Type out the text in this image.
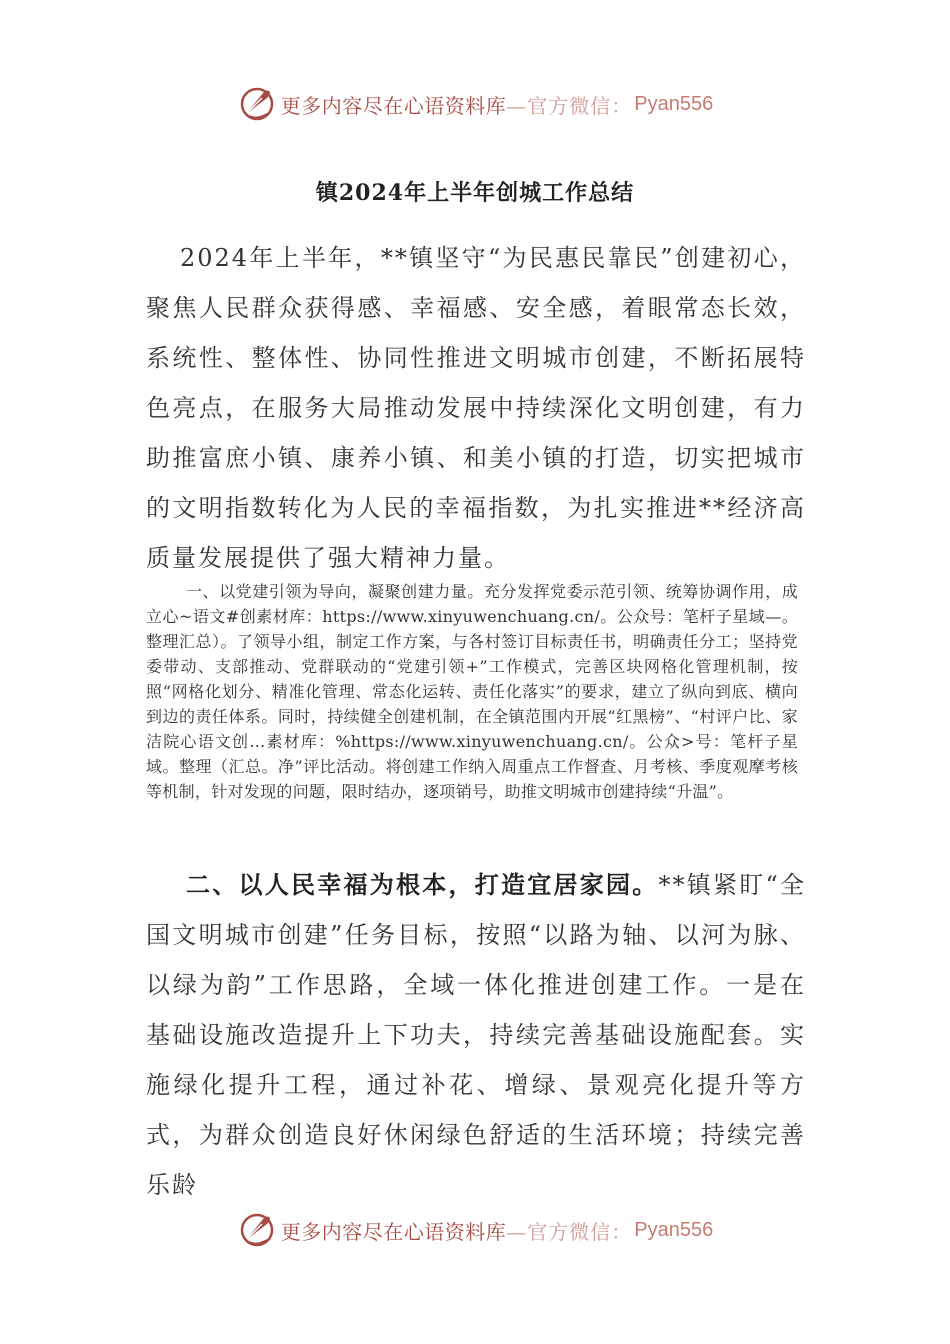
更多内容尽在心语资料库 —官方微信： Pyan556
镇2024年上半年创城工作总结
2024年上半年，**镇坚守“为民惠民靠民”创建初心，聚焦人民群众获得感、幸福感、安全感，着眼常态长效，系统性、整体性、协同性推进文明城市创建，不断拓展特色亮点，在服务大局推动发展中持续深化文明创建，有力助推富庶小镇、康养小镇、和美小镇的打造，切实把城市的文明指数转化为人民的幸福指数，为扎实推进**经济高质量发展提供了强大精神力量。
一、以党建引领为导向，凝聚创建力量。充分发挥党委示范引领、统筹协调作用，成立心~语文#创素材库：https://www.xinyuwenchuang.cn/。公众号：笔杆子星域—。整理汇总）。了领导小组，制定工作方案，与各村签订目标责任书，明确责任分工；坚持党委带动、支部推动、党群联动的“党建引领+”工作模式，完善区块网格化管理机制，按照“网格化划分、精准化管理、常态化运转、责任化落实”的要求，建立了纵向到底、横向到边的责任体系。同时，持续健全创建机制，在全镇范围内开展“红黑榜”、“村评户比、家洁院心语文创…素材库：%https://www.xinyuwenchuang.cn/。公众>号：笔杆子星域。整理（汇总。净”评比活动。将创建工作纳入周重点工作督查、月考核、季度观摩考核等机制，针对发现的问题，限时结办，逐项销号，助推文明城市创建持续“升温”。
二、以人民幸福为根本，打造宜居家园。**镇紧盯“全国文明城市创建”任务目标，按照“以路为轴、以河为脉、以绿为韵”工作思路，全域一体化推进创建工作。一是在基础设施改造提升上下功夫，持续完善基础设施配套。实施绿化提升工程，通过补花、增绿、景观亮化提升等方式，为群众创造良好休闲绿色舒适的生活环境；持续完善乐龄
更多内容尽在心语资料库 —官方微信： Pyan556
